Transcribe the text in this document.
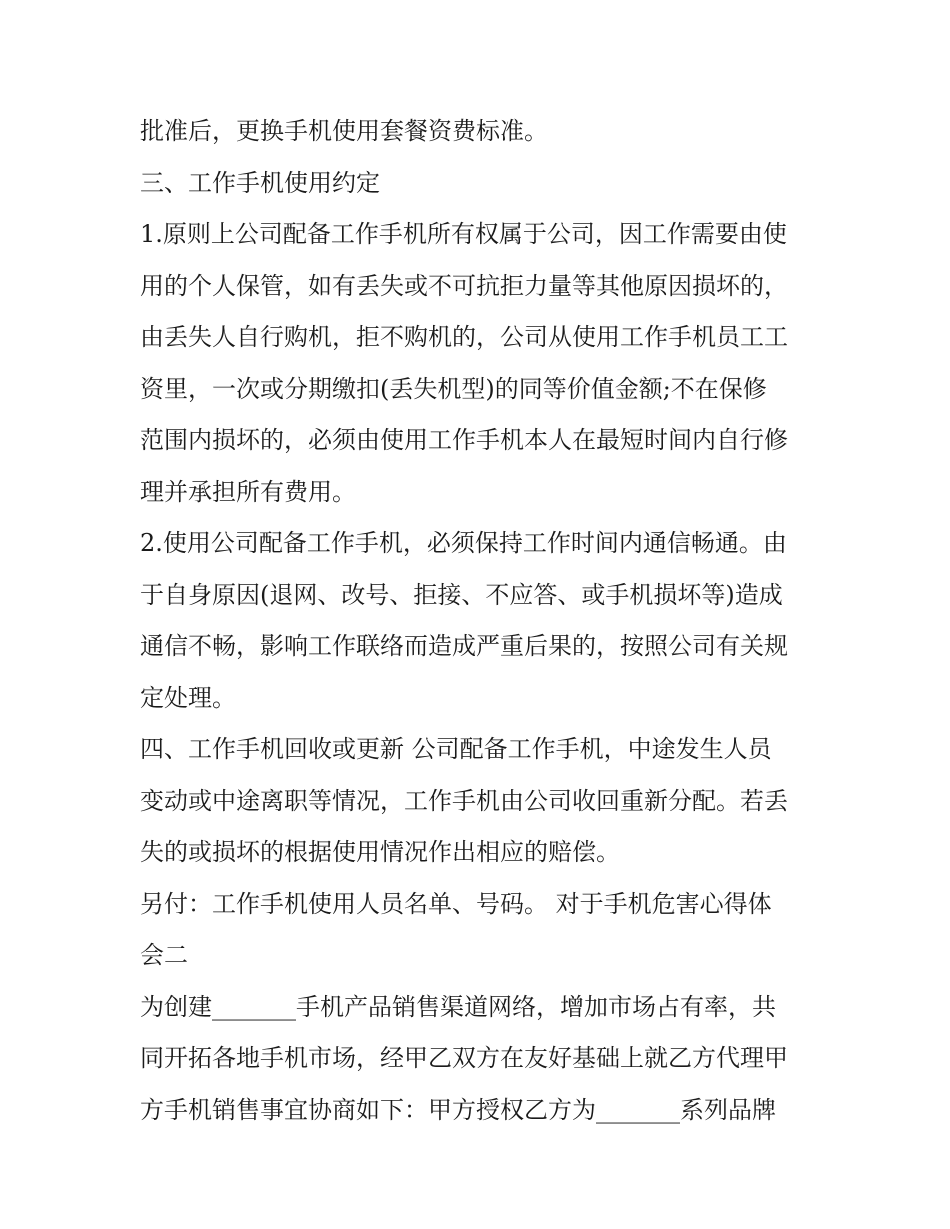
批准后，更换手机使用套餐资费标准。
三、工作手机使用约定
1.原则上公司配备工作手机所有权属于公司，因工作需要由使
用的个人保管，如有丢失或不可抗拒力量等其他原因损坏的，
由丢失人自行购机，拒不购机的，公司从使用工作手机员工工
资里，一次或分期缴扣(丢失机型)的同等价值金额;不在保修
范围内损坏的，必须由使用工作手机本人在最短时间内自行修
理并承担所有费用。
2.使用公司配备工作手机，必须保持工作时间内通信畅通。由
于自身原因(退网、改号、拒接、不应答、或手机损坏等)造成
通信不畅，影响工作联络而造成严重后果的，按照公司有关规
定处理。
四、工作手机回收或更新 公司配备工作手机，中途发生人员
变动或中途离职等情况，工作手机由公司收回重新分配。若丢
失的或损坏的根据使用情况作出相应的赔偿。
另付：工作手机使用人员名单、号码。 对于手机危害心得体
会二
为创建_______手机产品销售渠道网络，增加市场占有率，共
同开拓各地手机市场，经甲乙双方在友好基础上就乙方代理甲
方手机销售事宜协商如下：甲方授权乙方为_______系列品牌
